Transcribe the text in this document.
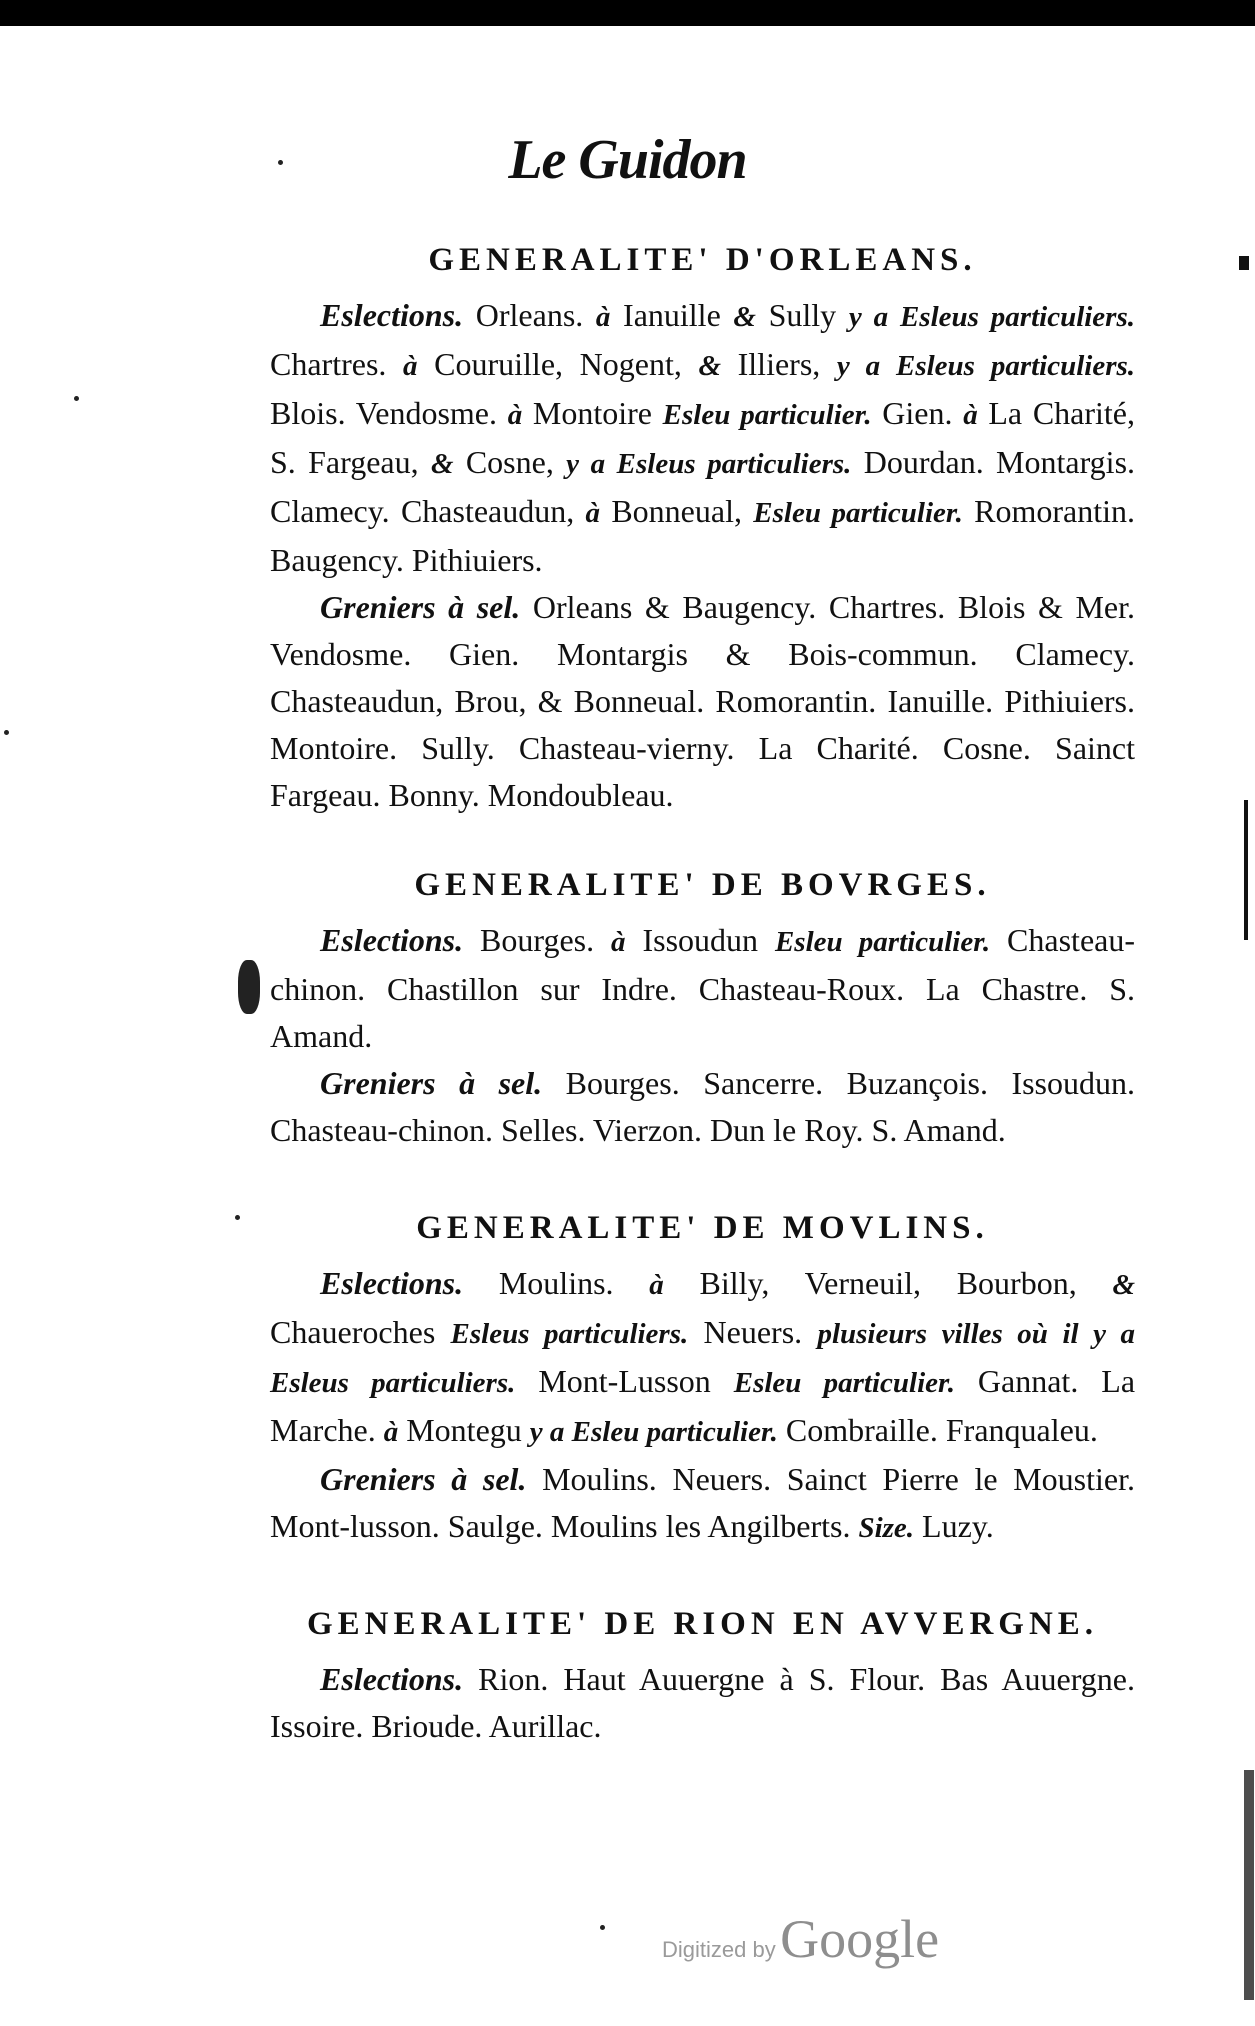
Le Guidon
GENERALITE' D'ORLEANS.

Eslections. Orleans. à Ianuille & Sully y a Esleus particuliers. Chartres. à Couruille, Nogent, & Illiers, y a Esleus particuliers. Blois. Vendosme. à Montoire Esleu particulier. Gien. à La Charité, S. Fargeau, & Cosne, y a Esleus particuliers. Dourdan. Montargis. Clamecy. Chasteaudun, à Bonneual, Esleu particulier. Romorantin. Baugency. Pithiuiers.

Greniers à sel. Orleans & Baugency. Chartres. Blois & Mer. Vendosme. Gien. Montargis & Bois-commun. Clamecy. Chasteaudun, Brou, & Bonneual. Romorantin. Ianuille. Pithiuiers. Montoire. Sully. Chasteau-vierny. La Charité. Cosne. Sainct Fargeau. Bonny. Mondoubleau.

GENERALITE' DE BOVRGES.

Eslections. Bourges. à Issoudun Esleu particulier. Chasteau-chinon. Chastillon sur Indre. Chasteau-Roux. La Chastre. S. Amand.

Greniers à sel. Bourges. Sancerre. Buzançois. Issoudun. Chasteau-chinon. Selles. Vierzon. Dun le Roy. S. Amand.

GENERALITE' DE MOVLINS.

Eslections. Moulins. à Billy, Verneuil, Bourbon, & Chaueroches Esleus particuliers. Neuers. plusieurs villes où il y a Esleus particuliers. Mont-Lusson Esleu particulier. Gannat. La Marche. à Montegu y a Esleu particulier. Combraille. Franqualeu.

Greniers à sel. Moulins. Neuers. Sainct Pierre le Moustier. Mont-lusson. Saulge. Moulins les Angilberts. Size. Luzy.

GENERALITE' DE RION EN AVVERGNE.

Eslections. Rion. Haut Auuergne à S. Flour. Bas Auuergne. Issoire. Brioude. Aurillac.

Digitized by Google
